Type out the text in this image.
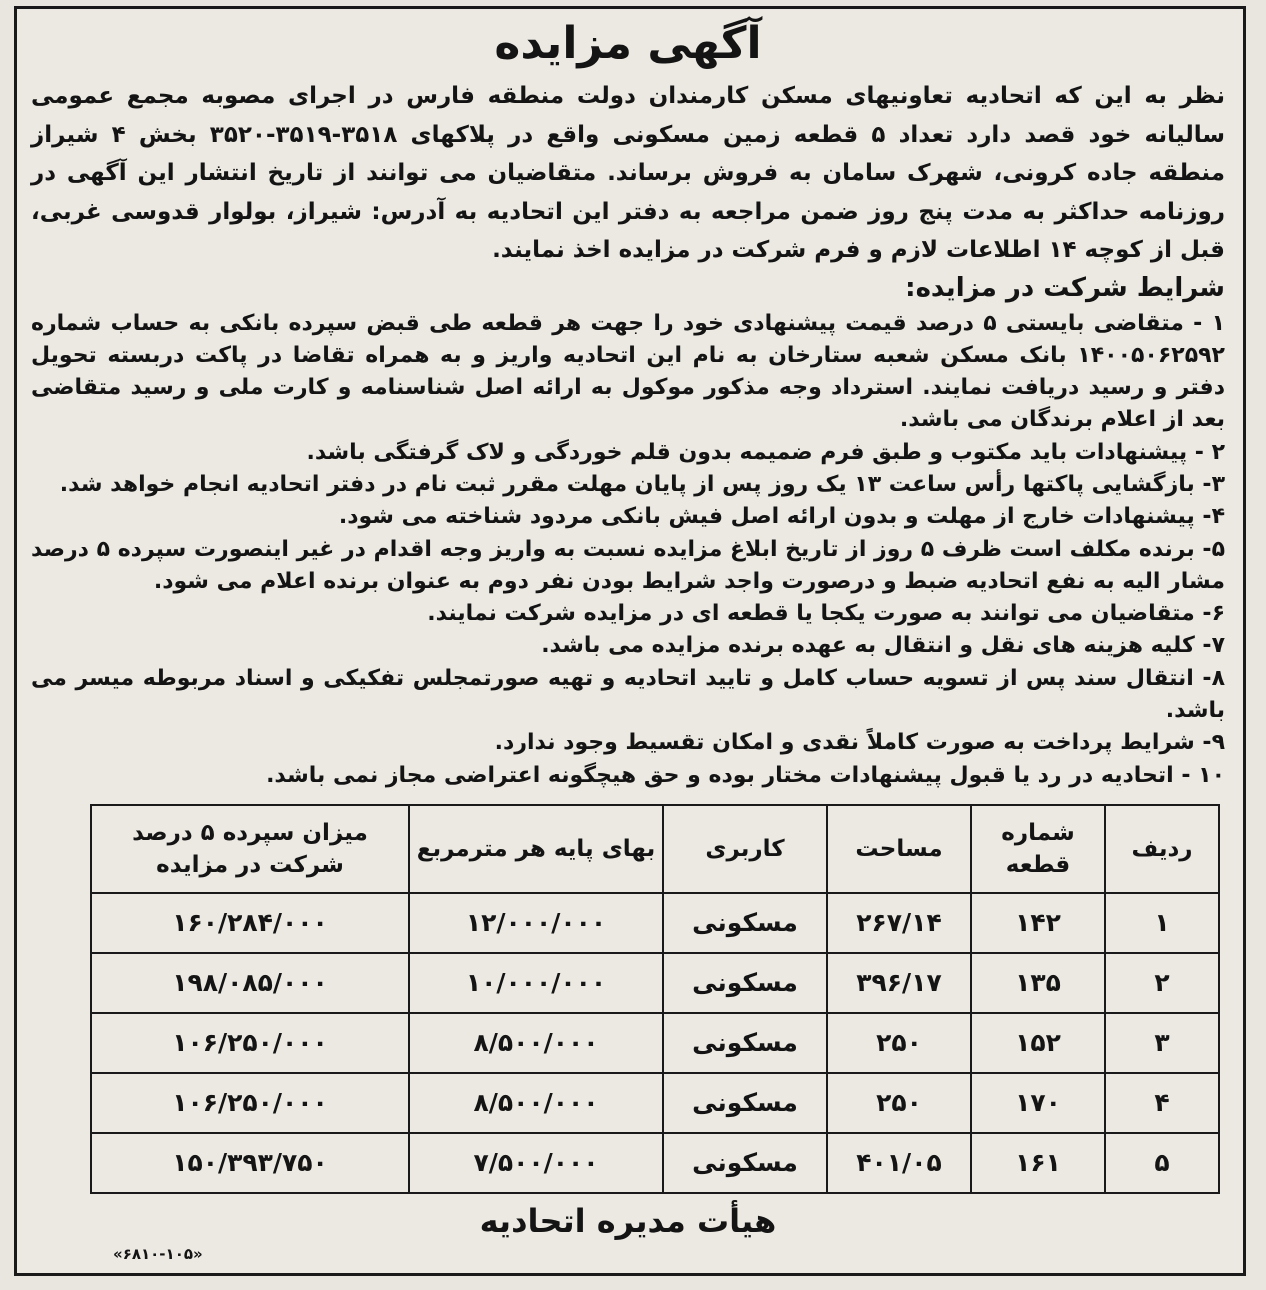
آگهی مزایده

نظر به این که اتحادیه تعاونیهای مسکن کارمندان دولت منطقه فارس در اجرای مصوبه مجمع عمومی سالیانه خود قصد دارد تعداد ۵ قطعه زمین مسکونی واقع در پلاکهای ۳۵۱۸-۳۵۱۹-۳۵۲۰ بخش ۴ شیراز منطقه جاده کرونی، شهرک سامان به فروش برساند. متقاضیان می توانند از تاریخ انتشار این آگهی در روزنامه حداکثر به مدت پنج روز ضمن مراجعه به دفتر این اتحادیه به آدرس: شیراز، بولوار قدوسی غربی، قبل از کوچه ۱۴ اطلاعات لازم و فرم شرکت در مزایده اخذ نمایند.

شرایط شرکت در مزایده:
۱ - متقاضی بایستی ۵ درصد قیمت پیشنهادی خود را جهت هر قطعه طی قبض سپرده بانکی به حساب شماره ۱۴۰۰۵۰۶۲۵۹۲ بانک مسکن شعبه ستارخان به نام این اتحادیه واریز و به همراه تقاضا در پاکت دربسته تحویل دفتر و رسید دریافت نمایند. استرداد وجه مذکور موکول به ارائه اصل شناسنامه و کارت ملی و رسید متقاضی بعد از اعلام برندگان می باشد.
۲ - پیشنهادات باید مکتوب و طبق فرم ضمیمه بدون قلم خوردگی و لاک گرفتگی باشد.
۳- بازگشایی پاکتها رأس ساعت ۱۳ یک روز پس از پایان مهلت مقرر ثبت نام در دفتر اتحادیه انجام خواهد شد.
۴- پیشنهادات خارج از مهلت و بدون ارائه اصل فیش بانکی مردود شناخته می شود.
۵- برنده مکلف است ظرف ۵ روز از تاریخ ابلاغ مزایده نسبت به واریز وجه اقدام در غیر اینصورت سپرده ۵ درصد مشار الیه به نفع اتحادیه ضبط و درصورت واجد شرایط بودن نفر دوم به عنوان برنده اعلام می شود.
۶- متقاضیان می توانند به صورت یکجا یا قطعه ای در مزایده شرکت نمایند.
۷- کلیه هزینه های نقل و انتقال به عهده برنده مزایده می باشد.
۸- انتقال سند پس از تسویه حساب کامل و تایید اتحادیه و تهیه صورتمجلس تفکیکی و اسناد مربوطه میسر می باشد.
۹- شرایط پرداخت به صورت کاملاً نقدی و امکان تقسیط وجود ندارد.
۱۰ - اتحادیه در رد یا قبول پیشنهادات مختار بوده و حق هیچگونه اعتراضی مجاز نمی باشد.
ردیف	شماره قطعه	مساحت	کاربری	بهای پایه هر مترمربع	میزان سپرده ۵ درصد شرکت در مزایده
۱	۱۴۲	۲۶۷/۱۴	مسکونی	۱۲/۰۰۰/۰۰۰	۱۶۰/۲۸۴/۰۰۰
۲	۱۳۵	۳۹۶/۱۷	مسکونی	۱۰/۰۰۰/۰۰۰	۱۹۸/۰۸۵/۰۰۰
۳	۱۵۲	۲۵۰	مسکونی	۸/۵۰۰/۰۰۰	۱۰۶/۲۵۰/۰۰۰
۴	۱۷۰	۲۵۰	مسکونی	۸/۵۰۰/۰۰۰	۱۰۶/۲۵۰/۰۰۰
۵	۱۶۱	۴۰۱/۰۵	مسکونی	۷/۵۰۰/۰۰۰	۱۵۰/۳۹۳/۷۵۰
هیأت مدیره اتحادیه
«۶۸۱۰-۱۰۵»
